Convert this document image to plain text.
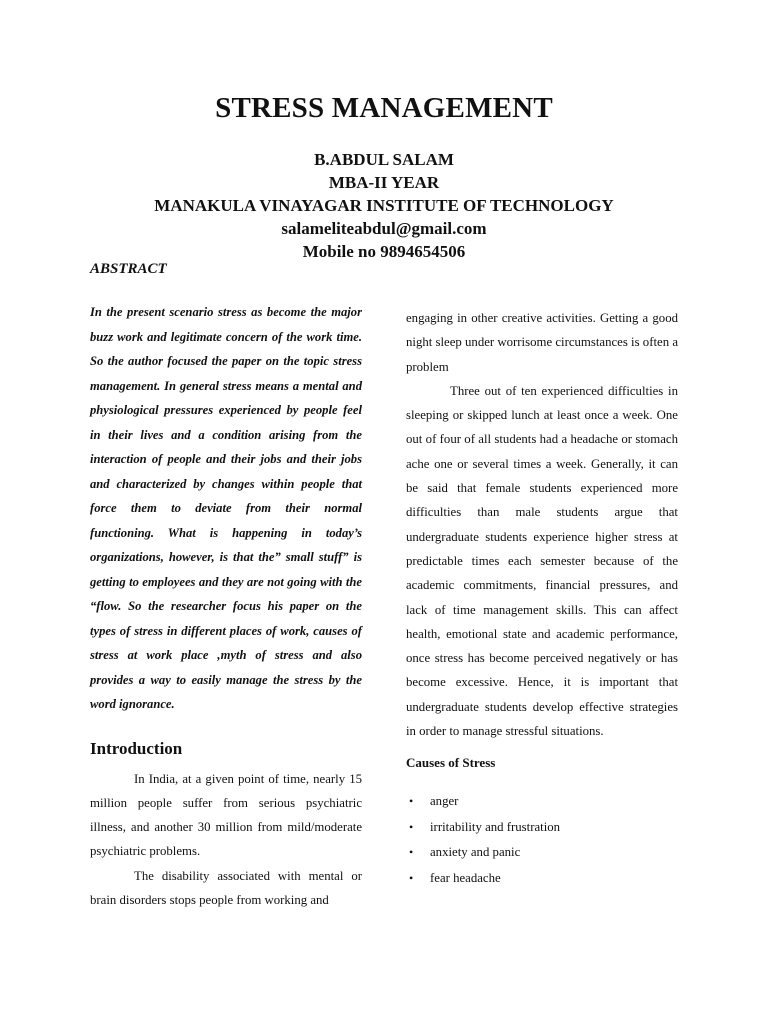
STRESS MANAGEMENT
B.ABDUL SALAM
MBA-II YEAR
MANAKULA VINAYAGAR INSTITUTE OF TECHNOLOGY
salameliteabdul@gmail.com
Mobile no 9894654506
ABSTRACT

In the present scenario stress as become the major buzz work and legitimate concern of the work time. So the author focused the paper on the topic stress management. In general stress means a mental and physiological pressures experienced by people feel in their lives and a condition arising from the interaction of people and their jobs and their jobs and characterized by changes within people that force them to deviate from their normal functioning. What is happening in today’s organizations, however, is that the” small stuff” is getting to employees and they are not going with the “flow. So the researcher focus his paper on the types of stress in different places of work, causes of stress at work place ,myth of stress and also provides a way to easily manage the stress by the word ignorance.

Introduction

In India, at a given point of time, nearly 15 million people suffer from serious psychiatric illness, and another 30 million from mild/moderate psychiatric problems.

The disability associated with mental or brain disorders stops people from working and

engaging in other creative activities. Getting a good night sleep under worrisome circumstances is often a problem

Three out of ten experienced difficulties in sleeping or skipped lunch at least once a week. One out of four of all students had a headache or stomach ache one or several times a week. Generally, it can be said that female students experienced more difficulties than male students argue that undergraduate students experience higher stress at predictable times each semester because of the academic commitments, financial pressures, and lack of time management skills. This can affect health, emotional state and academic performance, once stress has become perceived negatively or has become excessive. Hence, it is important that undergraduate students develop effective strategies in order to manage stressful situations.

Causes of Stress
• anger
• irritability and frustration
• anxiety and panic
• fear headache
